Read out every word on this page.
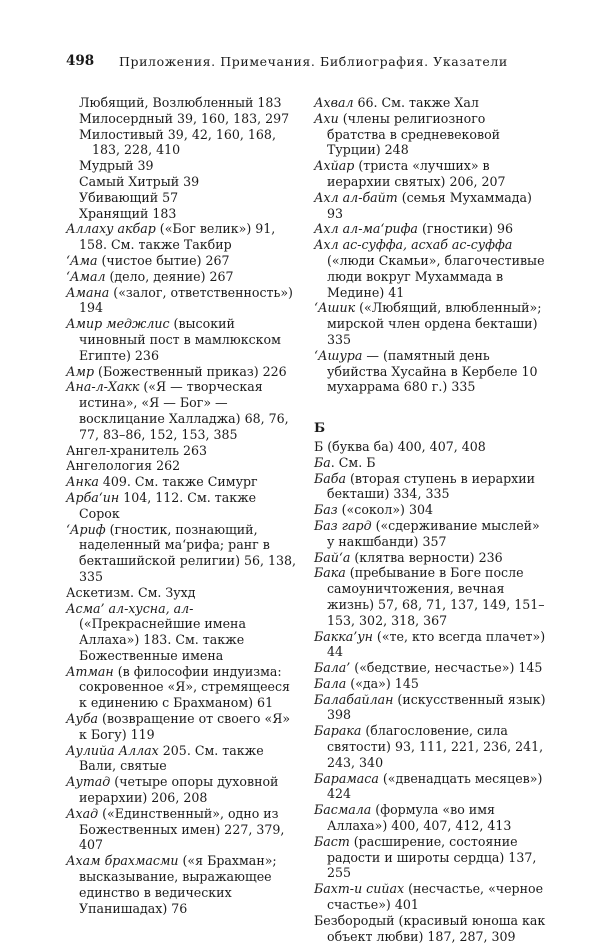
498 Приложения. Примечания. Библиография. Указатели
Любящий, Возлюбленный 183
Милосердный 39, 160, 183, 297
Милостивый 39, 42, 160, 168, 183, 228, 410
Мудрый 39
Самый Хитрый 39
Убивающий 57
Хранящий 183
Аллаху акбар («Бог велик») 91, 158. См. также Такбир
‘Ама (чистое бытие) 267
‘Амал (дело, деяние) 267
Амана («залог, ответственность») 194
Амир меджлис (высокий чиновный пост в мамлюкском Египте) 236
Амр (Божественный приказ) 226
Ана-л-Хакк («Я — творческая истина», «Я — Бог» — восклицание Халладжа) 68, 76, 77, 83–86, 152, 153, 385
Ангел-хранитель 263
Ангелология 262
Анка 409. См. также Симург
Арба‘ин 104, 112. См. также Сорок
‘Ариф (гностик, познающий, наделенный ма‘рифа; ранг в бекташийской религии) 56, 138, 335
Аскетизм. См. Зухд
Асма’ ал-хусна, ал- («Прекраснейшие имена Аллаха») 183. См. также Божественные имена
Атман (в философии индуизма: сокровенное «Я», стремящееся к единению с Брахманом) 61
Ауба (возвращение от своего «Я» к Богу) 119
Аулийа Аллах 205. См. также Вали, святые
Аутад (четыре опоры духовной иерархии) 206, 208
Ахад («Единственный», одно из Божественных имен) 227, 379, 407
Ахам брахмасми («я Брахман»; высказывание, выражающее единство в ведических Упанишадах) 76
Ахвал 66. См. также Хал
Ахи (члены религиозного братства в средневековой Турции) 248
Ахйар (триста «лучших» в иерархии святых) 206, 207
Ахл ал-байт (семья Мухаммада) 93
Ахл ал-ма‘рифа (гностики) 96
Ахл ас-суффа, асхаб ас-суффа («люди Скамьи», благочестивые люди вокруг Мухаммада в Медине) 41
‘Ашик («Любящий, влюбленный»; мирской член ордена бекташи) 335
‘Ашура — (памятный день убийства Хусайна в Кербеле 10 мухаррама 680 г.) 335
Б
Б (буква ба) 400, 407, 408
Ба. См. Б
Баба (вторая ступень в иерархии бекташи) 334, 335
Баз («сокол») 304
Баз гард («сдерживание мыслей» у накшбанди) 357
Бай‘а (клятва верности) 236
Бака (пребывание в Боге после самоуничтожения, вечная жизнь) 57, 68, 71, 137, 149, 151–153, 302, 318, 367
Бакка’ун («те, кто всегда плачет») 44
Бала’ («бедствие, несчастье») 145
Бала («да») 145
Балабайлан (искусственный язык) 398
Барака (благословение, сила святости) 93, 111, 221, 236, 241, 243, 340
Барамаса («двенадцать месяцев») 424
Басмала (формула «во имя Аллаха») 400, 407, 412, 413
Баст (расширение, состояние радости и широты сердца) 137, 255
Бахт-и сийах (несчастье, «черное счастье») 401
Безбородый (красивый юноша как объект любви) 187, 287, 309
